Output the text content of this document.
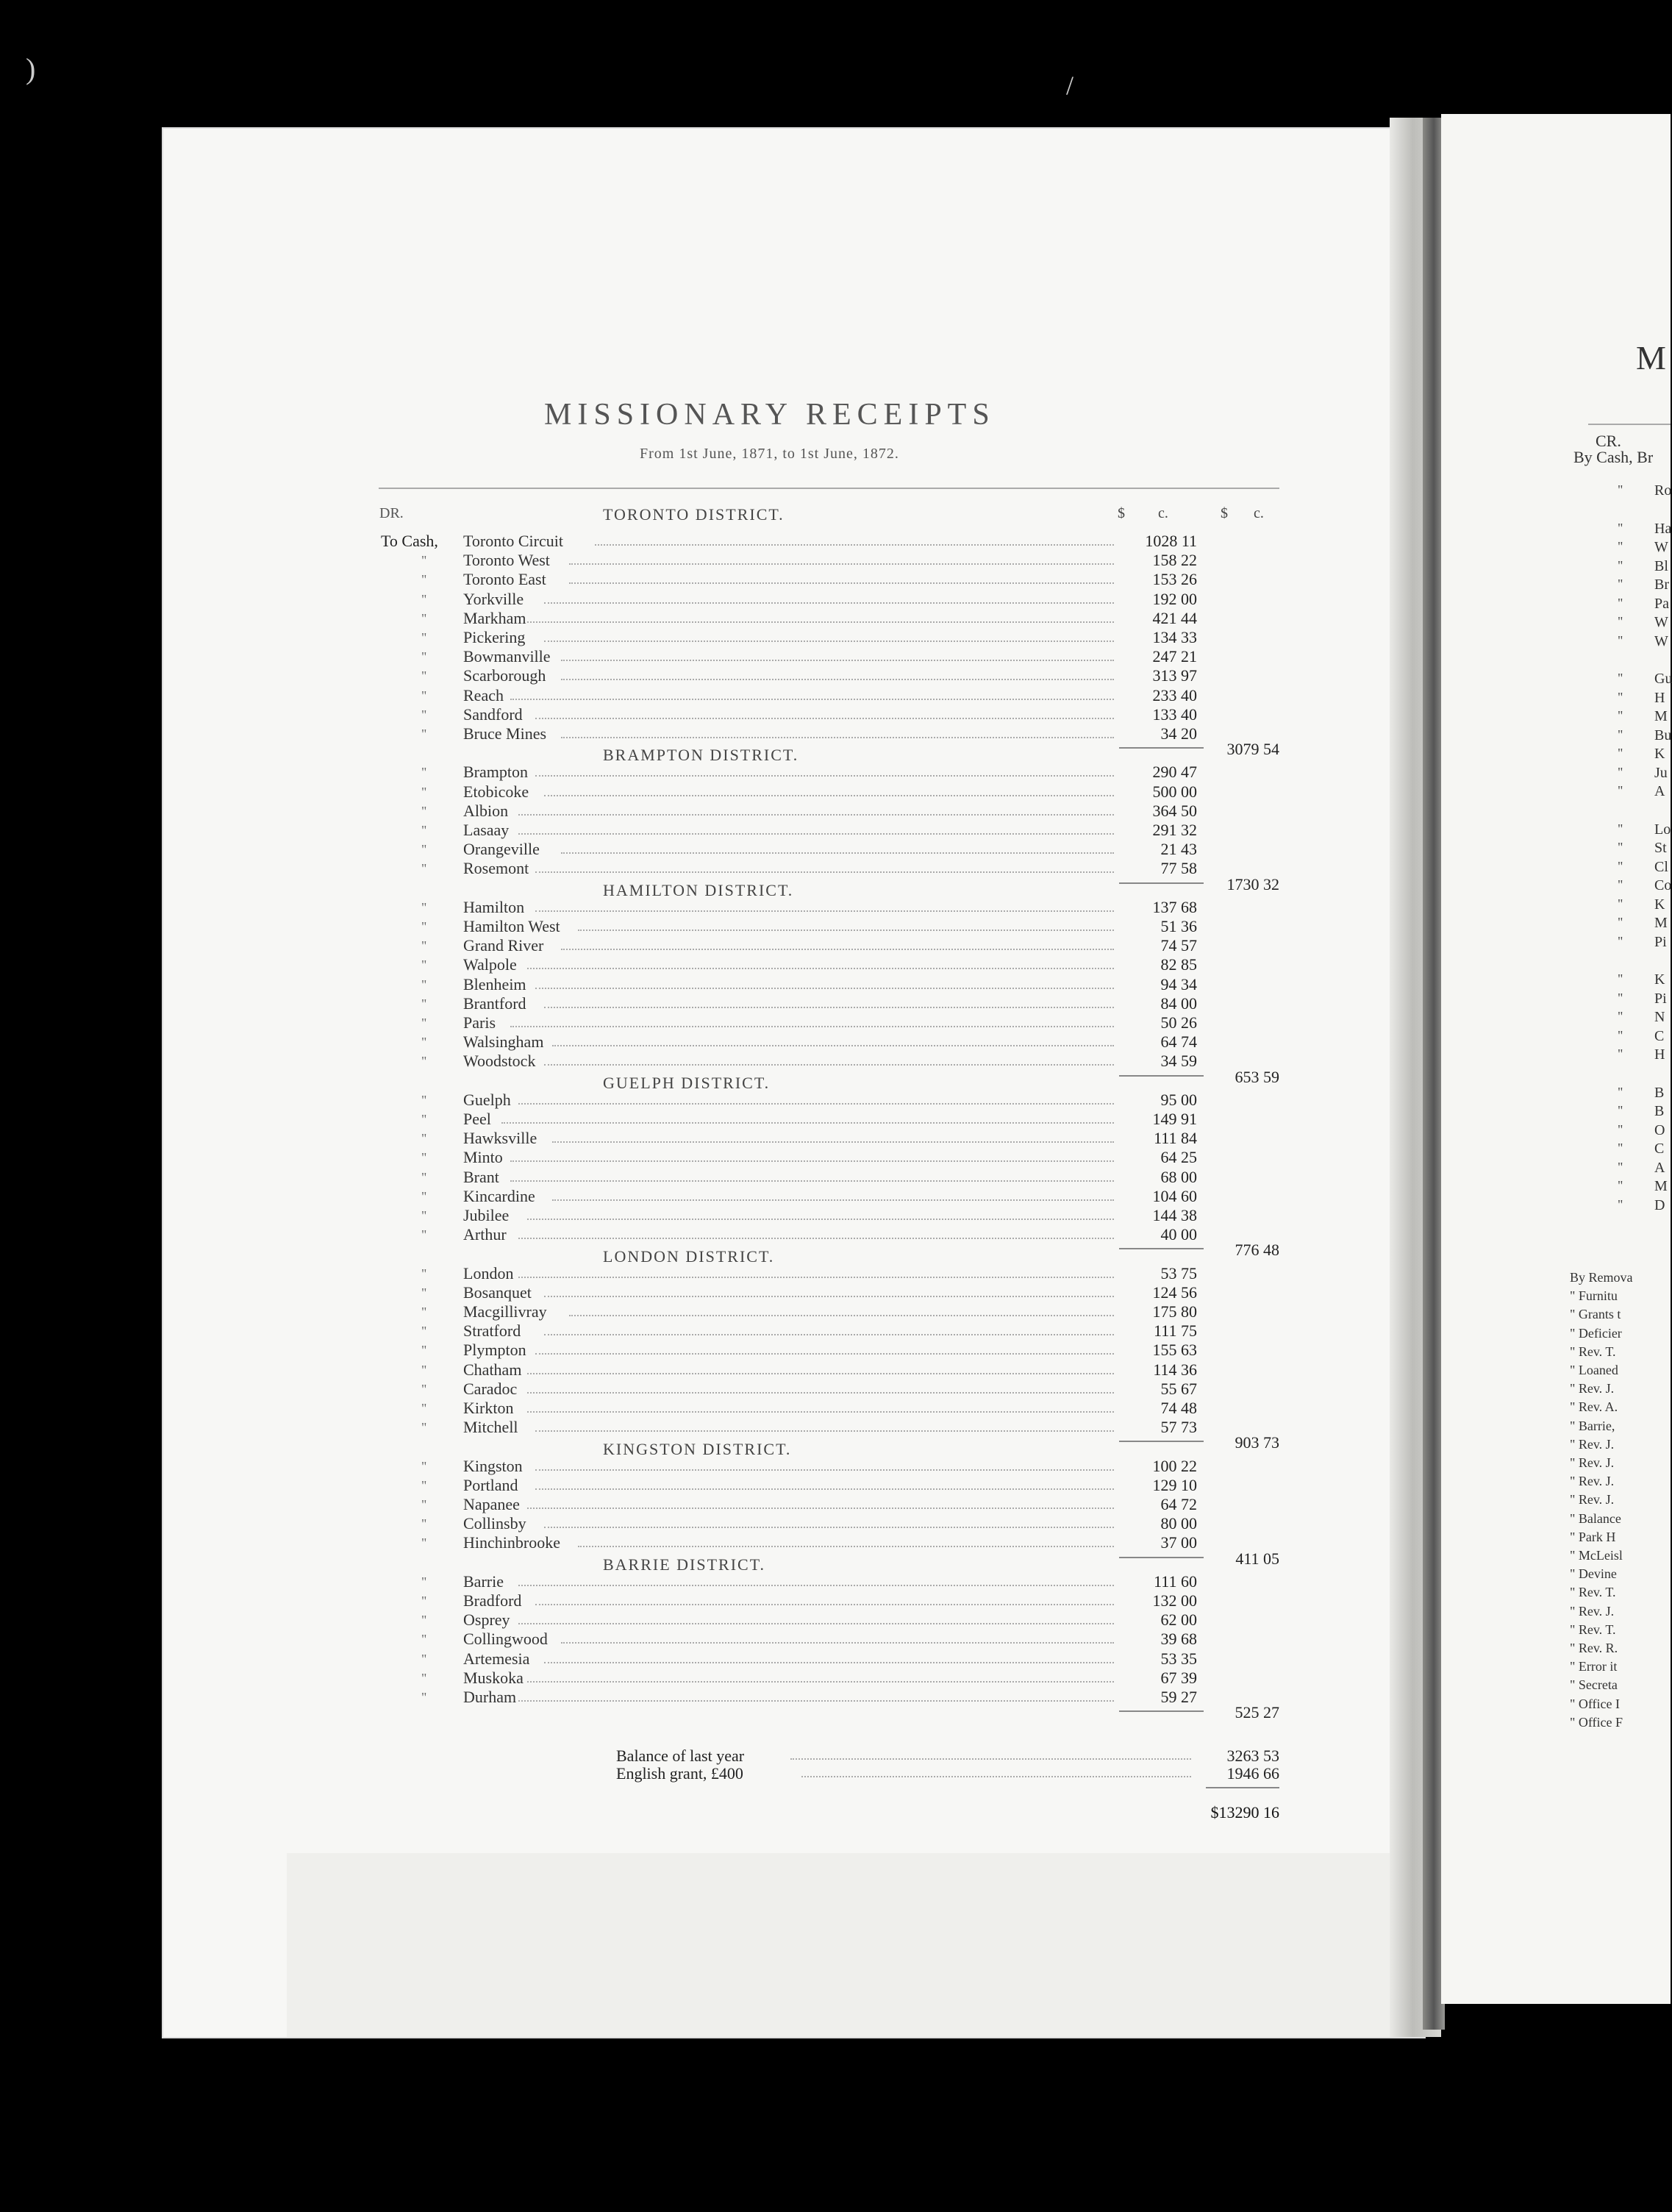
)	/
MISSIONARY RECEIPTS
From 1st June, 1871, to 1st June, 1872.
DR.	$ c.	$ c.
TORONTO DISTRICT.
To Cash, Toronto Circuit	1028 11
" Toronto West	158 22
" Toronto East	153 26
" Yorkville	192 00
" Markham	421 44
" Pickering	134 33
" Bowmanville	247 21
" Scarborough	313 97
" Reach	233 40
" Sandford	133 40
" Bruce Mines	34 20
3079 54
BRAMPTON DISTRICT.
" Brampton	290 47
" Etobicoke	500 00
" Albion	364 50
" Lasaay	291 32
" Orangeville	21 43
" Rosemont	77 58
1730 32
HAMILTON DISTRICT.
" Hamilton	137 68
" Hamilton West	51 36
" Grand River	74 57
" Walpole	82 85
" Blenheim	94 34
" Brantford	84 00
" Paris	50 26
" Walsingham	64 74
" Woodstock	34 59
653 59
GUELPH DISTRICT.
" Guelph	95 00
" Peel	149 91
" Hawksville	111 84
" Minto	64 25
" Brant	68 00
" Kincardine	104 60
" Jubilee	144 38
" Arthur	40 00
776 48
LONDON DISTRICT.
" London	53 75
" Bosanquet	124 56
" Macgillivray	175 80
" Stratford	111 75
" Plympton	155 63
" Chatham	114 36
" Caradoc	55 67
" Kirkton	74 48
" Mitchell	57 73
903 73
KINGSTON DISTRICT.
" Kingston	100 22
" Portland	129 10
" Napanee	64 72
" Collinsby	80 00
" Hinchinbrooke	37 00
411 05
BARRIE DISTRICT.
" Barrie	111 60
" Bradford	132 00
" Osprey	62 00
" Collingwood	39 68
" Artemesia	53 35
" Muskoka	67 39
" Durham	59 27
525 27
Balance of last year	3263 53
English grant, £400	1946 66
$13290 16
M
CR.
By Cash, Br
" Ro
" Ha
" W
" Bl
" Br
" Pa
" W
" W
" Gu
" H
" M
" Bu
" K
" Ju
" A
" Lo
" St
" Cl
" Co
" K
" M
" Pi
" K
" Pi
" N
" C
" H
" B
" B
" O
" C
" A
" M
" D
By Remova
" Furnitu
" Grants t
" Deficier
" Rev. T.
" Loaned
" Rev. J.
" Rev. A.
" Barrie,
" Rev. J.
" Rev. J.
" Rev. J.
" Rev. J.
" Balance
" Park H
" McLeisl
" Devine
" Rev. T.
" Rev. J.
" Rev. T.
" Rev. R.
" Error it
" Secreta
" Office I
" Office F
